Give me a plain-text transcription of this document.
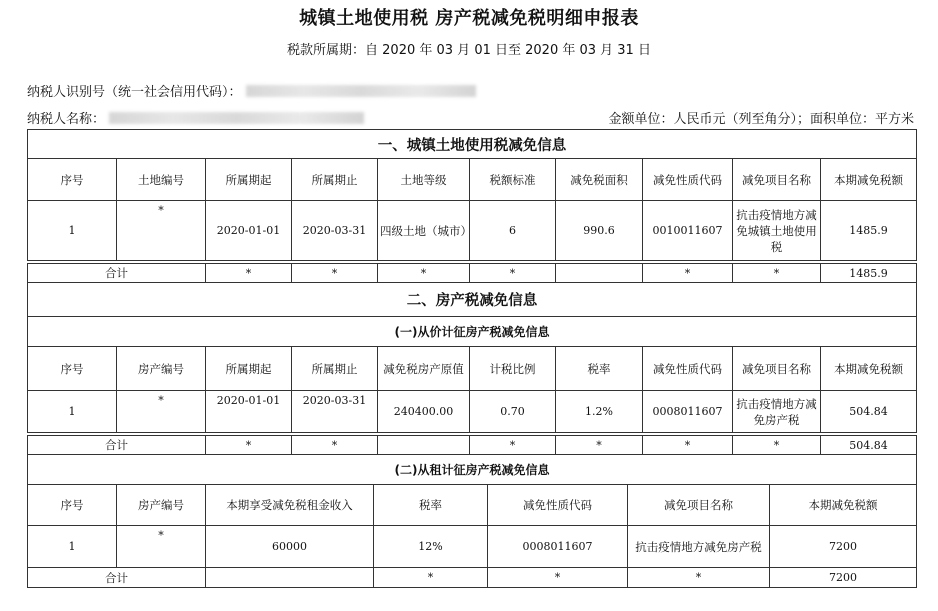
城镇土地使用税 房产税减免税明细申报表
税款所属期：自 2020 年 03 月 01 日至 2020 年 03 月 31 日
纳税人识别号（统一社会信用代码）：
纳税人名称：	金额单位：人民币元（列至角分）；面积单位：平方米
一、城镇土地使用税减免信息									
序号	土地编号	所属期起	所属期止	土地等级	税额标准	减免税面积	减免性质代码	减免项目名称	本期减免税额
1	*	2020-01-01	2020-03-31	四级土地（城市）	6	990.6	0010011607	抗击疫情地方减免城镇土地使用税	1485.9

合计		*	*	*	*		*	*	1485.9
二、房产税减免信息									
(一)从价计征房产税减免信息									
序号	房产编号	所属期起	所属期止	减免税房产原值	计税比例	税率	减免性质代码	减免项目名称	本期减免税额
1	*	2020-01-01	2020-03-31	240400.00	0.70	1.2%	0008011607	抗击疫情地方减免房产税	504.84

合计		*	*		*	*	*	*	504.84
(二)从租计征房产税减免信息									
序号	房产编号	本期享受减免税租金收入	税率	减免性质代码	减免项目名称	本期减免税额
1	*	60000	12%	0008011607	抗击疫情地方减免房产税	7200
合计			*	*	*	7200
